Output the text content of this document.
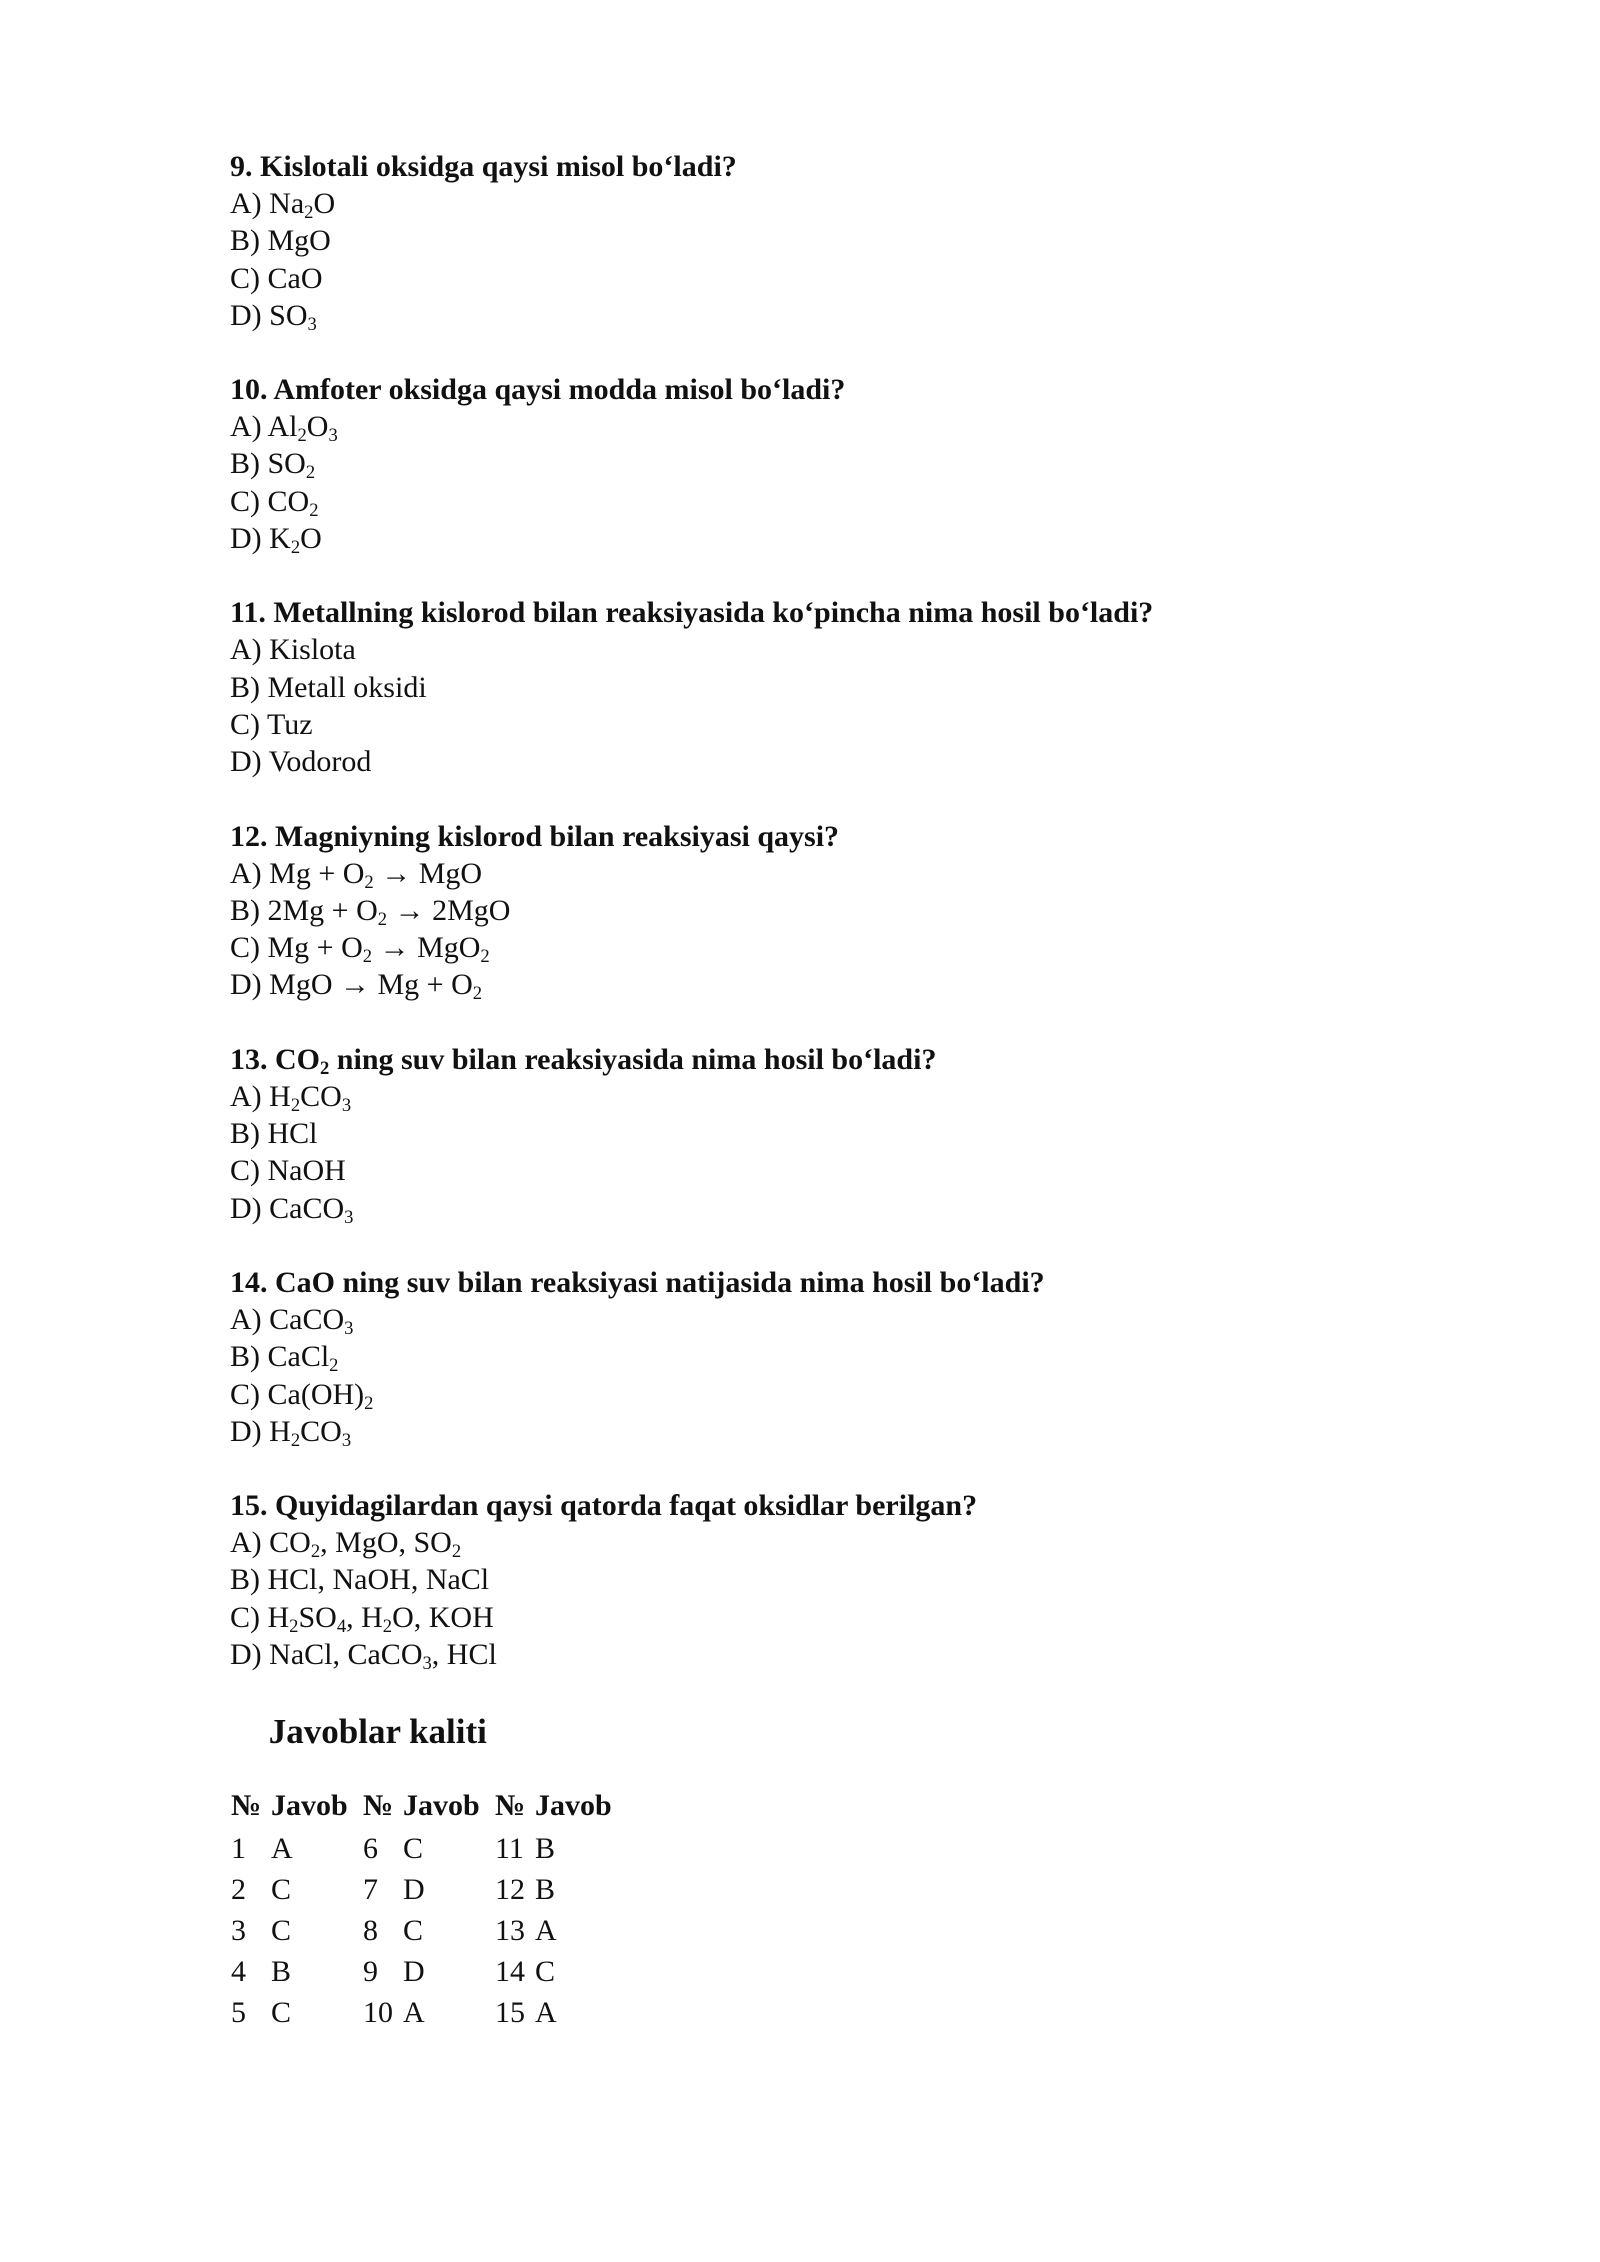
9. Kislotali oksidga qaysi misol bo‘ladi?
A) $Na_2O$
B) MgO
C) CaO
D) $SO_3$
10. Amfoter oksidga qaysi modda misol bo‘ladi?
A) $Al_2O_3$
B) $SO_2$
C) $CO_2$
D) $K_2O$
11. Metallning kislorod bilan reaksiyasida ko‘pincha nima hosil bo‘ladi?
A) Kislota
B) Metall oksidi
C) Tuz
D) Vodorod
12. Magniyning kislorod bilan reaksiyasi qaysi?
A) $Mg + O_2$ → MgO
B) $2Mg + O_2 \to 2MgO$
C) $Mg + O_2 \to MgO_2$
D) MgO → $Mg + O_2$
13. $CO_2$ ning suv bilan reaksiyasida nima hosil bo‘ladi?
A) $H_2CO_3$
B) HCl
C) NaOH
D) CaCO$_3$
14. CaO ning suv bilan reaksiyasi natijasida nima hosil bo‘ladi?
A) CaCO$_3$
B) CaCl$_2$
C) $Ca(OH)_2$
D) $H_2CO_3$
15. Quyidagilardan qaysi qatorda faqat oksidlar berilgan?
A) $CO_2$, MgO, $SO_2$
B) HCl, NaOH, NaCl
C) $H_2SO_4$, $H_2O$, KOH
D) NaCl, CaCO$_3$, HCl
Javoblar kaliti
№	Javob	№	Javob	№	Javob
1	A	6	C	11	B
2	C	7	D	12	B
3	C	8	C	13	A
4	B	9	D	14	C
5	C	10	A	15	A
